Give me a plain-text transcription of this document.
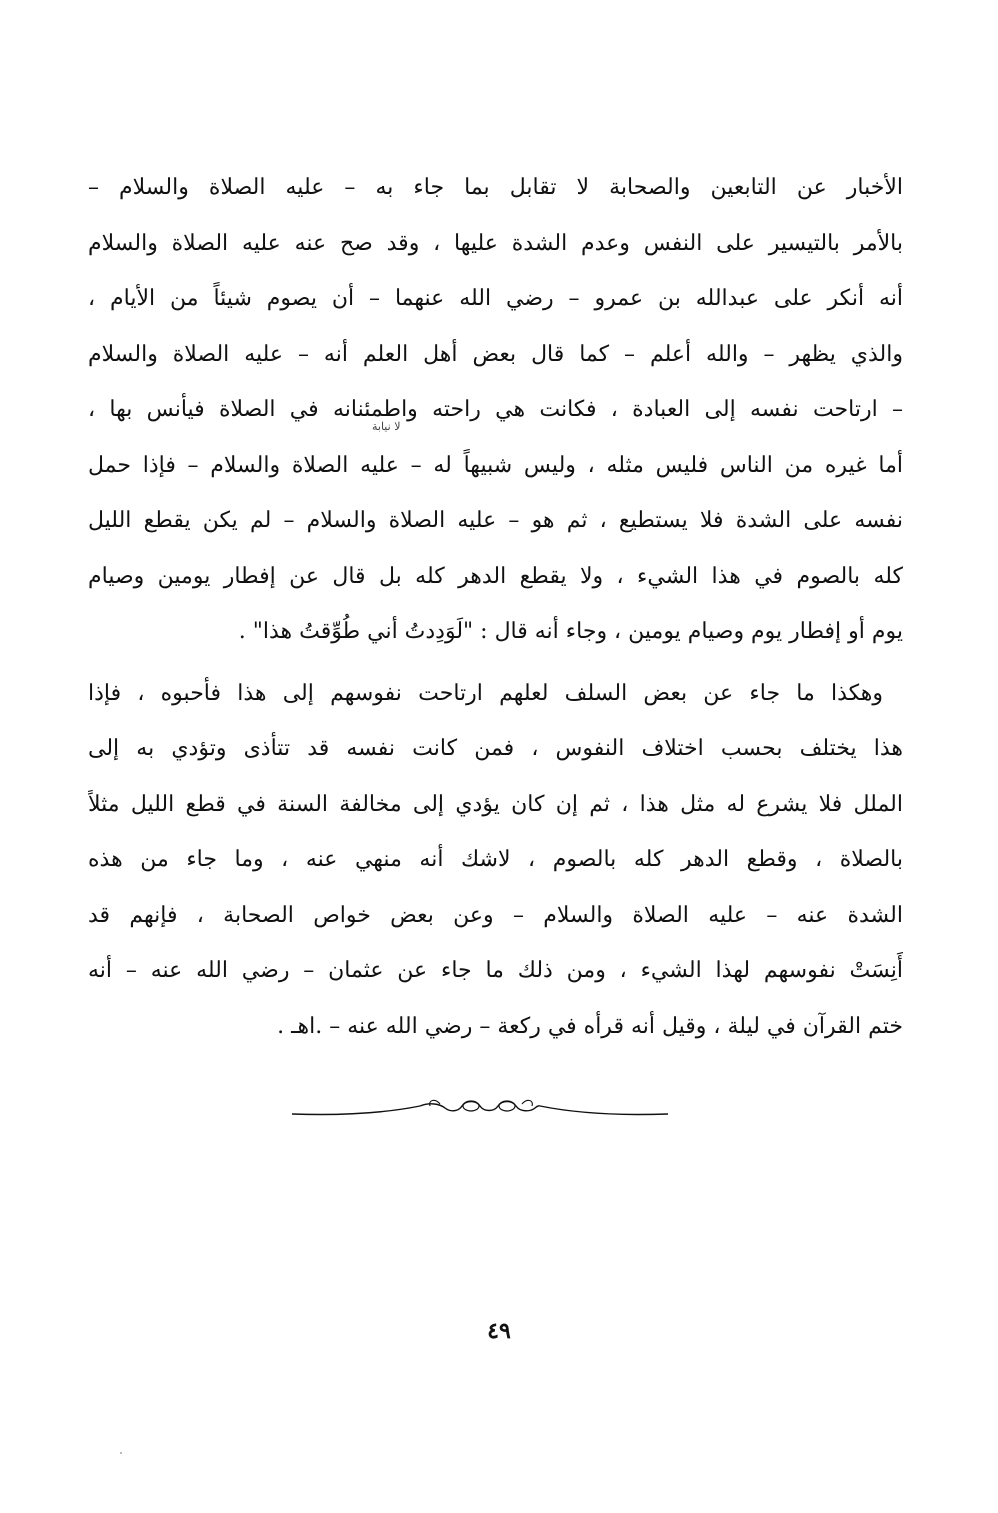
الأخبار عن التابعين والصحابة لا تقابل بما جاء به – عليه الصلاة والسلام –
بالأمر بالتيسير على النفس وعدم الشدة عليها ، وقد صح عنه عليه الصلاة والسلام
أنه أنكر على عبدالله بن عمرو – رضي الله عنهما – أن يصوم شيئاً من الأيام ،
والذي يظهر – والله أعلم – كما قال بعض أهل العلم أنه – عليه الصلاة والسلام
– ارتاحت نفسه إلى العبادة ، فكانت هي راحته واطمئنانه في الصلاة فيأنس بها ،
أما غيره من الناس فليس مثله ، وليس شبيهاً له – عليه الصلاة والسلام – فإذا حمل
نفسه على الشدة فلا يستطيع ، ثم هو – عليه الصلاة والسلام – لم يكن يقطع الليل
كله بالصوم في هذا الشيء ، ولا يقطع الدهر كله بل قال عن إفطار يومين وصيام
يوم أو إفطار يوم وصيام يومين ، وجاء أنه قال : "لَوَدِدتُ أني طُوِّقتُ هذا" .
وهكذا ما جاء عن بعض السلف لعلهم ارتاحت نفوسهم إلى هذا فأحبوه ، فإذا
هذا يختلف بحسب اختلاف النفوس ، فمن كانت نفسه قد تتأذى وتؤدي به إلى
الملل فلا يشرع له مثل هذا ، ثم إن كان يؤدي إلى مخالفة السنة في قطع الليل مثلاً
بالصلاة ، وقطع الدهر كله بالصوم ، لاشك أنه منهي عنه ، وما جاء من هذه
الشدة عنه – عليه الصلاة والسلام – وعن بعض خواص الصحابة ، فإنهم قد
أَنِسَتْ نفوسهم لهذا الشيء ، ومن ذلك ما جاء عن عثمان – رضي الله عنه – أنه
ختم القرآن في ليلة ، وقيل أنه قرأه في ركعة – رضي الله عنه – .اهـ .
لا نيابة
٤٩
